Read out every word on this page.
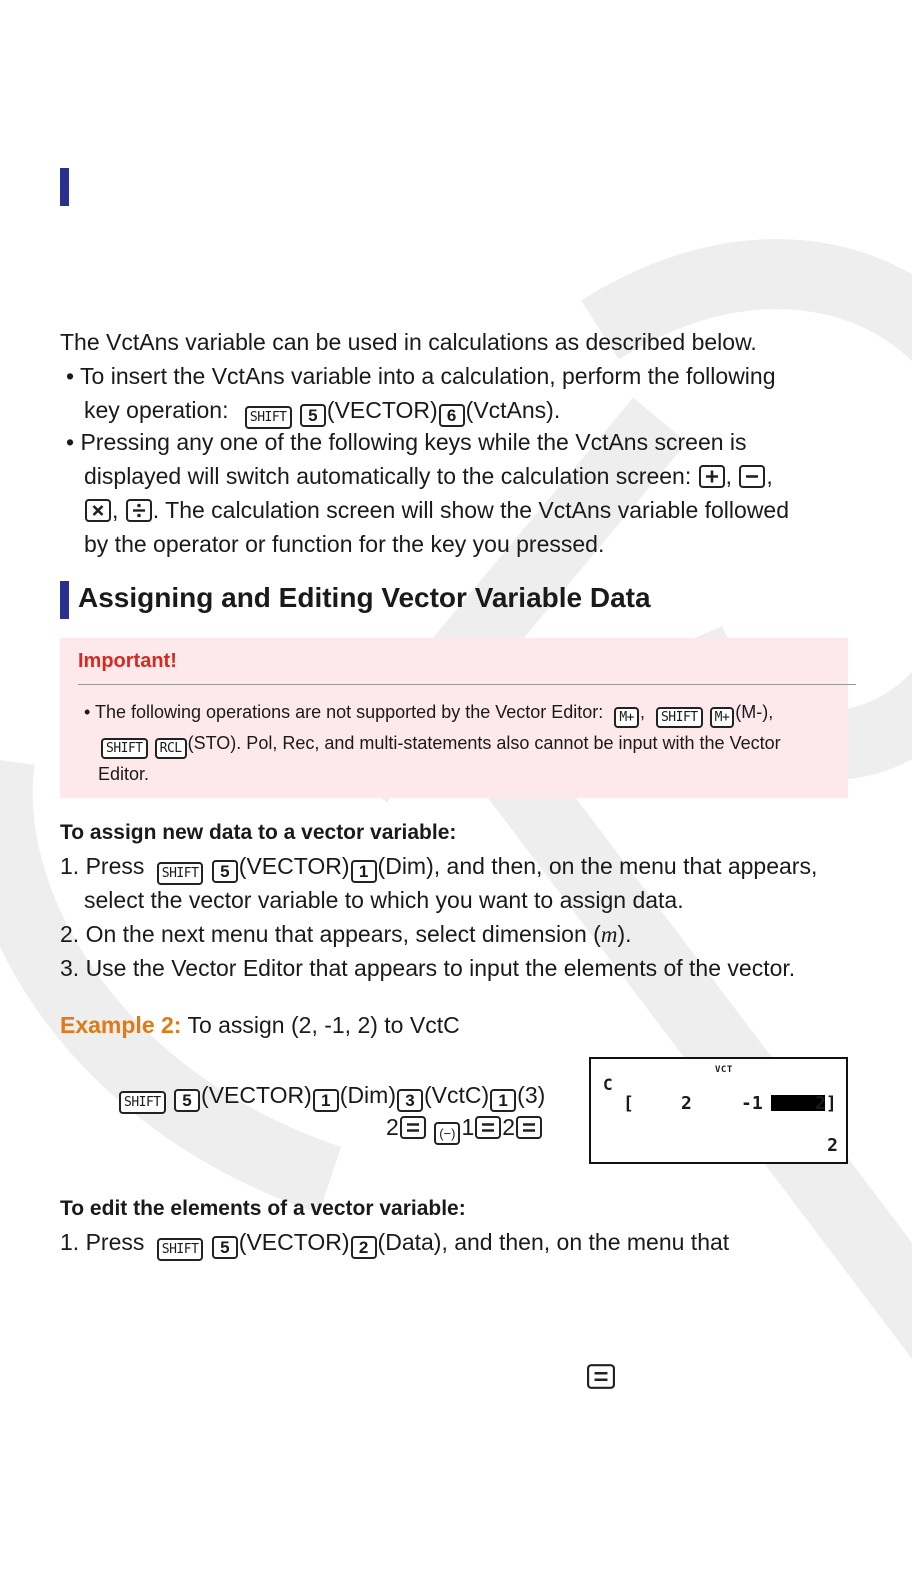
The VctAns variable can be used in calculations as described below.
• To insert the VctAns variable into a calculation, perform the following
key operation: SHIFT 5 (VECTOR) 6 (VctAns).
• Pressing any one of the following keys while the VctAns screen is
displayed will switch automatically to the calculation screen: , ,
, . The calculation screen will show the VctAns variable followed
by the operator or function for the key you pressed.
Assigning and Editing Vector Variable Data
Important!
• The following operations are not supported by the Vector Editor: M+ , SHIFT M+ (M-),
SHIFT RCL (STO). Pol, Rec, and multi-statements also cannot be input with the Vector
Editor.
To assign new data to a vector variable:
1. Press SHIFT 5 (VECTOR) 1 (Dim), and then, on the menu that appears,
select the vector variable to which you want to assign data.
2. On the next menu that appears, select dimension (m).
3. Use the Vector Editor that appears to input the elements of the vector.
Example 2: To assign (2, -1, 2) to VctC
SHIFT 5 (VECTOR) 1 (Dim) 3 (VctC) 1 (3)
2	(−) 1 2
C
VCT
[	2	-1	2]
2
To edit the elements of a vector variable:
1. Press SHIFT 5 (VECTOR) 2 (Data), and then, on the menu that
